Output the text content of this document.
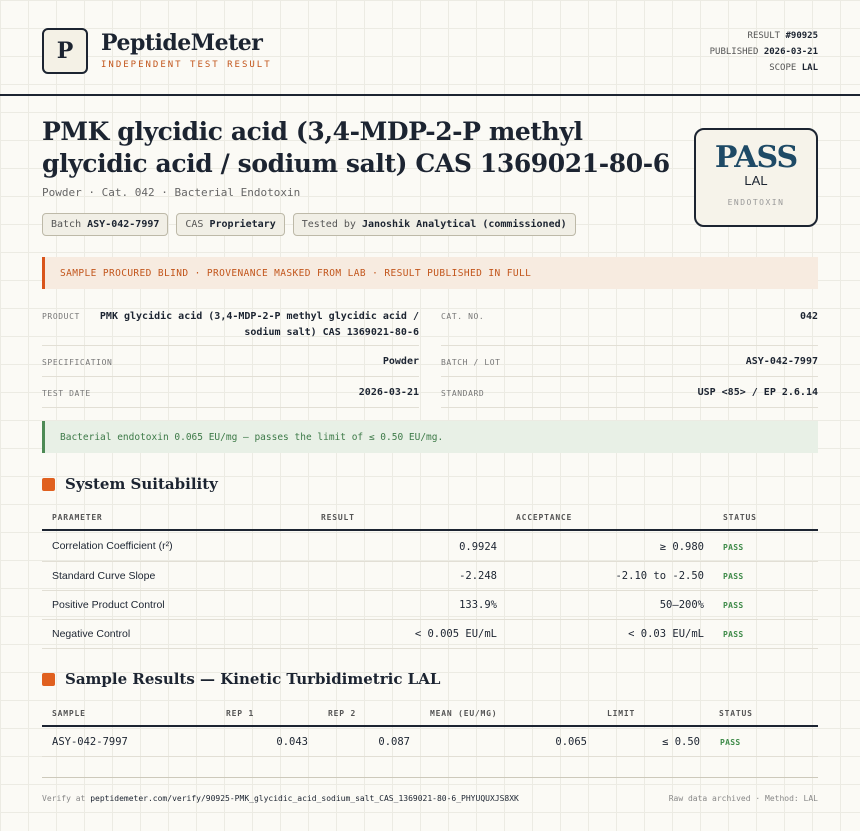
P	PeptideMeter
INDEPENDENT TEST RESULT
RESULT #90925
PUBLISHED 2026-03-21
SCOPE LAL
PMK glycidic acid (3,4-MDP-2-P methyl glycidic acid / sodium salt) CAS 1369021-80-6
Powder · Cat. 042 · Bacterial Endotoxin
Batch ASY-042-7997	CAS Proprietary	Tested by Janoshik Analytical (commissioned)
PASS
LAL
ENDOTOXIN
SAMPLE PROCURED BLIND · PROVENANCE MASKED FROM LAB · RESULT PUBLISHED IN FULL
PRODUCT	PMK glycidic acid (3,4-MDP-2-P methyl glycidic acid /
sodium salt) CAS 1369021-80-6
CAT. NO.	042
SPECIFICATION	Powder	BATCH / LOT	ASY-042-7997
TEST DATE	2026-03-21	STANDARD	USP <85> / EP 2.6.14
Bacterial endotoxin 0.065 EU/mg — passes the limit of ≤ 0.50 EU/mg.
System Suitability
PARAMETER	RESULT	ACCEPTANCE	STATUS
Correlation Coefficient (r²)	0.9924	≥ 0.980 PASS
Standard Curve Slope	-2.248	-2.10 to -2.50 PASS
Positive Product Control	133.9%	50–200% PASS
Negative Control	< 0.005 EU/mL	< 0.03 EU/mL PASS
Sample Results — Kinetic Turbidimetric LAL
SAMPLE	REP 1	REP 2	MEAN (EU/MG)	LIMIT	STATUS
ASY-042-7997	0.043	0.087	0.065	≤ 0.50	PASS
Verify at peptidemeter.com/verify/90925-PMK_glycidic_acid_sodium_salt_CAS_1369021-80-6_PHYUQUXJS8XK	Raw data archived · Method: LAL
